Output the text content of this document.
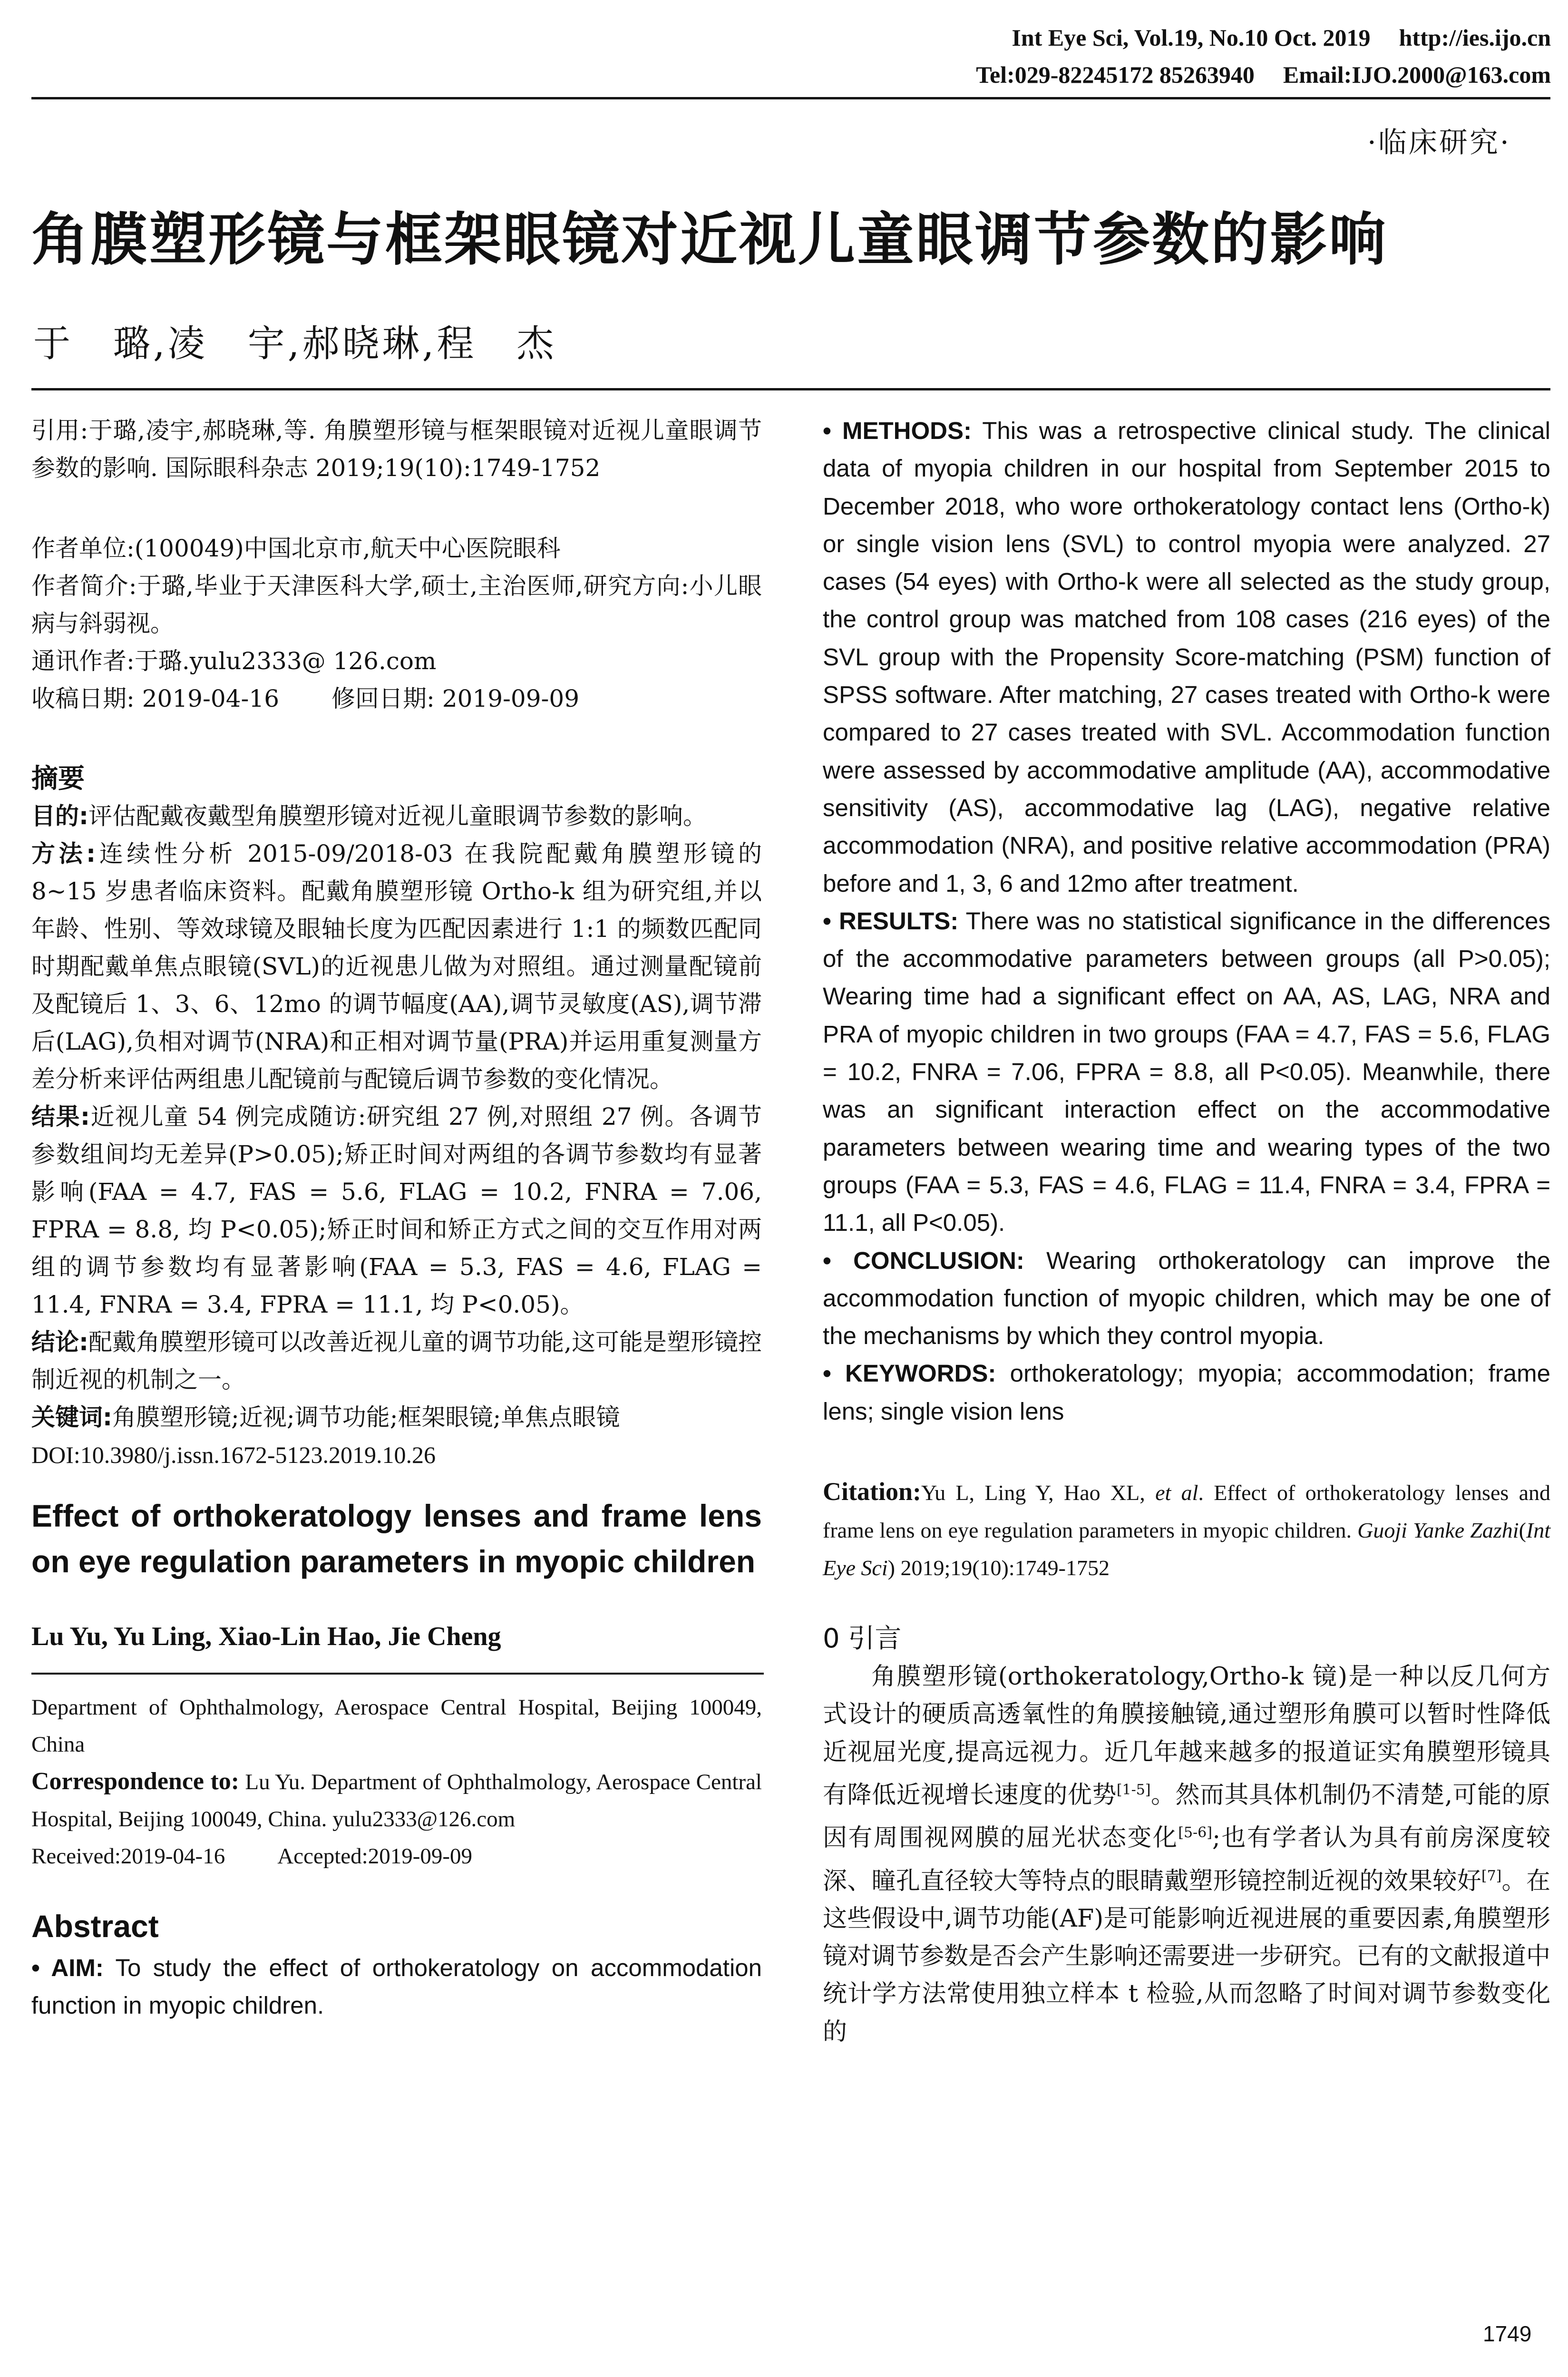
Int Eye Sci, Vol.19, No.10 Oct. 2019 http://ies.ijo.cn
Tel:029-82245172 85263940 Email:IJO.2000@163.com
·临床研究·
角膜塑形镜与框架眼镜对近视儿童眼调节参数的影响
于　璐,凌　宇,郝晓琳,程　杰

引用:于璐,凌宇,郝晓琳,等. 角膜塑形镜与框架眼镜对近视儿童眼调节参数的影响. 国际眼科杂志 2019;19(10):1749-1752

作者单位:(100049)中国北京市,航天中心医院眼科

作者简介:于璐,毕业于天津医科大学,硕士,主治医师,研究方向:小儿眼病与斜弱视。

通讯作者:于璐.yulu2333@ 126.com

收稿日期: 2019-04-16 修回日期: 2019-09-09

摘要

目的:评估配戴夜戴型角膜塑形镜对近视儿童眼调节参数的影响。

方法:连续性分析 2015-09/2018-03 在我院配戴角膜塑形镜的 8~15 岁患者临床资料。配戴角膜塑形镜 Ortho-k 组为研究组,并以年龄、性别、等效球镜及眼轴长度为匹配因素进行 1:1 的频数匹配同时期配戴单焦点眼镜(SVL)的近视患儿做为对照组。通过测量配镜前及配镜后 1、3、6、12mo 的调节幅度(AA),调节灵敏度(AS),调节滞后(LAG),负相对调节(NRA)和正相对调节量(PRA)并运用重复测量方差分析来评估两组患儿配镜前与配镜后调节参数的变化情况。

结果:近视儿童 54 例完成随访:研究组 27 例,对照组 27 例。各调节参数组间均无差异(P>0.05);矫正时间对两组的各调节参数均有显著影响(FAA = 4.7, FAS = 5.6, FLAG = 10.2, FNRA = 7.06, FPRA = 8.8, 均 P<0.05);矫正时间和矫正方式之间的交互作用对两组的调节参数均有显著影响(FAA = 5.3, FAS = 4.6, FLAG = 11.4, FNRA = 3.4, FPRA = 11.1, 均 P<0.05)。

结论:配戴角膜塑形镜可以改善近视儿童的调节功能,这可能是塑形镜控制近视的机制之一。

关键词:角膜塑形镜;近视;调节功能;框架眼镜;单焦点眼镜

DOI:10.3980/j.issn.1672-5123.2019.10.26

Effect of orthokeratology lenses and frame lens on eye regulation parameters in myopic children

Lu Yu, Yu Ling, Xiao-Lin Hao, Jie Cheng

Department of Ophthalmology, Aerospace Central Hospital, Beijing 100049, China

Correspondence to: Lu Yu. Department of Ophthalmology, Aerospace Central Hospital, Beijing 100049, China. yulu2333@126.com

Received:2019-04-16 Accepted:2019-09-09

Abstract

• AIM: To study the effect of orthokeratology on accommodation function in myopic children.

• METHODS: This was a retrospective clinical study. The clinical data of myopia children in our hospital from September 2015 to December 2018, who wore orthokeratology contact lens (Ortho-k) or single vision lens (SVL) to control myopia were analyzed. 27 cases (54 eyes) with Ortho-k were all selected as the study group, the control group was matched from 108 cases (216 eyes) of the SVL group with the Propensity Score-matching (PSM) function of SPSS software. After matching, 27 cases treated with Ortho-k were compared to 27 cases treated with SVL. Accommodation function were assessed by accommodative amplitude (AA), accommodative sensitivity (AS), accommodative lag (LAG), negative relative accommodation (NRA), and positive relative accommodation (PRA) before and 1, 3, 6 and 12mo after treatment.

• RESULTS: There was no statistical significance in the differences of the accommodative parameters between groups (all P>0.05); Wearing time had a significant effect on AA, AS, LAG, NRA and PRA of myopic children in two groups (FAA = 4.7, FAS = 5.6, FLAG = 10.2, FNRA = 7.06, FPRA = 8.8, all P<0.05). Meanwhile, there was an significant interaction effect on the accommodative parameters between wearing time and wearing types of the two groups (FAA = 5.3, FAS = 4.6, FLAG = 11.4, FNRA = 3.4, FPRA = 11.1, all P<0.05).

• CONCLUSION: Wearing orthokeratology can improve the accommodation function of myopic children, which may be one of the mechanisms by which they control myopia.

• KEYWORDS: orthokeratology; myopia; accommodation; frame lens; single vision lens

Citation:Yu L, Ling Y, Hao XL, et al. Effect of orthokeratology lenses and frame lens on eye regulation parameters in myopic children. Guoji Yanke Zazhi(Int Eye Sci) 2019;19(10):1749-1752

0 引言

角膜塑形镜(orthokeratology,Ortho-k 镜)是一种以反几何方式设计的硬质高透氧性的角膜接触镜,通过塑形角膜可以暂时性降低近视屈光度,提高远视力。近几年越来越多的报道证实角膜塑形镜具有降低近视增长速度的优势[1-5]。然而其具体机制仍不清楚,可能的原因有周围视网膜的屈光状态变化[5-6];也有学者认为具有前房深度较深、瞳孔直径较大等特点的眼睛戴塑形镜控制近视的效果较好[7]。在这些假设中,调节功能(AF)是可能影响近视进展的重要因素,角膜塑形镜对调节参数是否会产生影响还需要进一步研究。已有的文献报道中统计学方法常使用独立样本 t 检验,从而忽略了时间对调节参数变化的

1749
